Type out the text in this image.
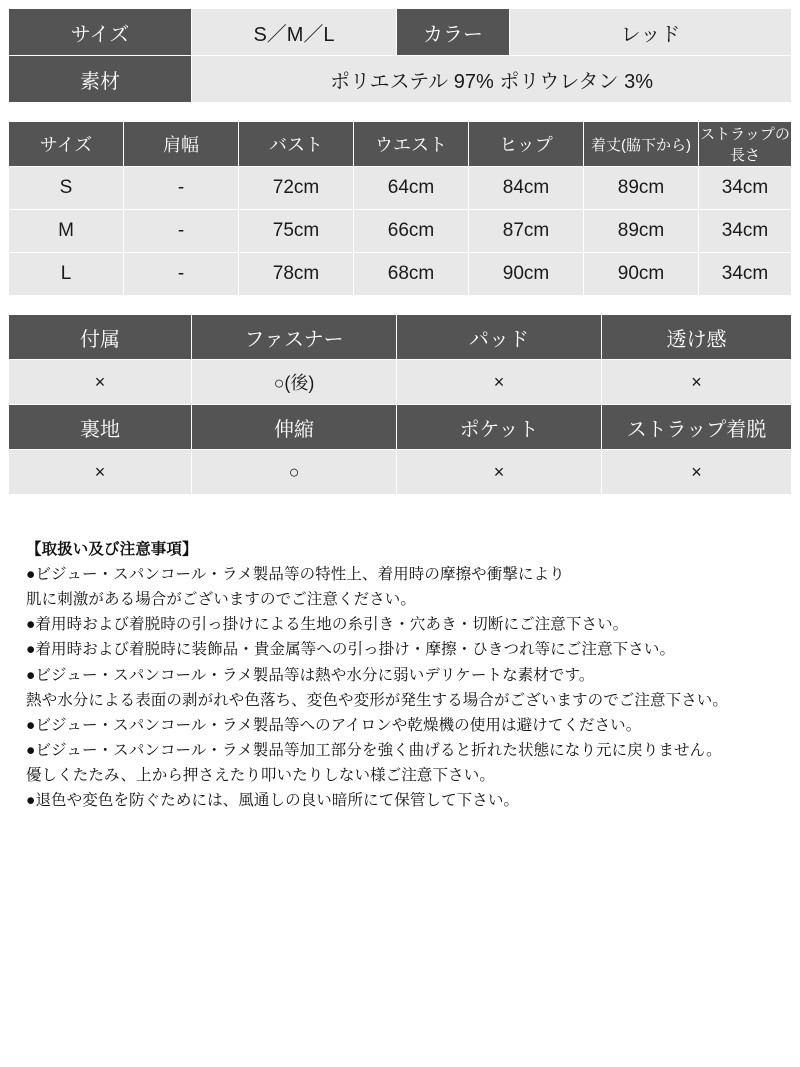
サイズ	S／M／L	カラー	レッド
素材	ポリエステル 97% ポリウレタン 3%		
サイズ	肩幅	バスト	ウエスト	ヒップ	着丈(脇下から)	ストラップの長さ
S	-	72cm	64cm	84cm	89cm	34cm
M	-	75cm	66cm	87cm	89cm	34cm
L	-	78cm	68cm	90cm	90cm	34cm
付属	ファスナー	パッド	透け感
×	○(後)	×	×
裏地	伸縮	ポケット	ストラップ着脱
×	○	×	×

【取扱い及び注意事項】

●ビジュー・スパンコール・ラメ製品等の特性上、着用時の摩擦や衝撃により

肌に刺激がある場合がございますのでご注意ください。

●着用時および着脱時の引っ掛けによる生地の糸引き・穴あき・切断にご注意下さい。

●着用時および着脱時に装飾品・貴金属等への引っ掛け・摩擦・ひきつれ等にご注意下さい。

●ビジュー・スパンコール・ラメ製品等は熱や水分に弱いデリケートな素材です。

熱や水分による表面の剥がれや色落ち、変色や変形が発生する場合がございますのでご注意下さい。

●ビジュー・スパンコール・ラメ製品等へのアイロンや乾燥機の使用は避けてください。

●ビジュー・スパンコール・ラメ製品等加工部分を強く曲げると折れた状態になり元に戻りません。

優しくたたみ、上から押さえたり叩いたりしない様ご注意下さい。

●退色や変色を防ぐためには、風通しの良い暗所にて保管して下さい。
